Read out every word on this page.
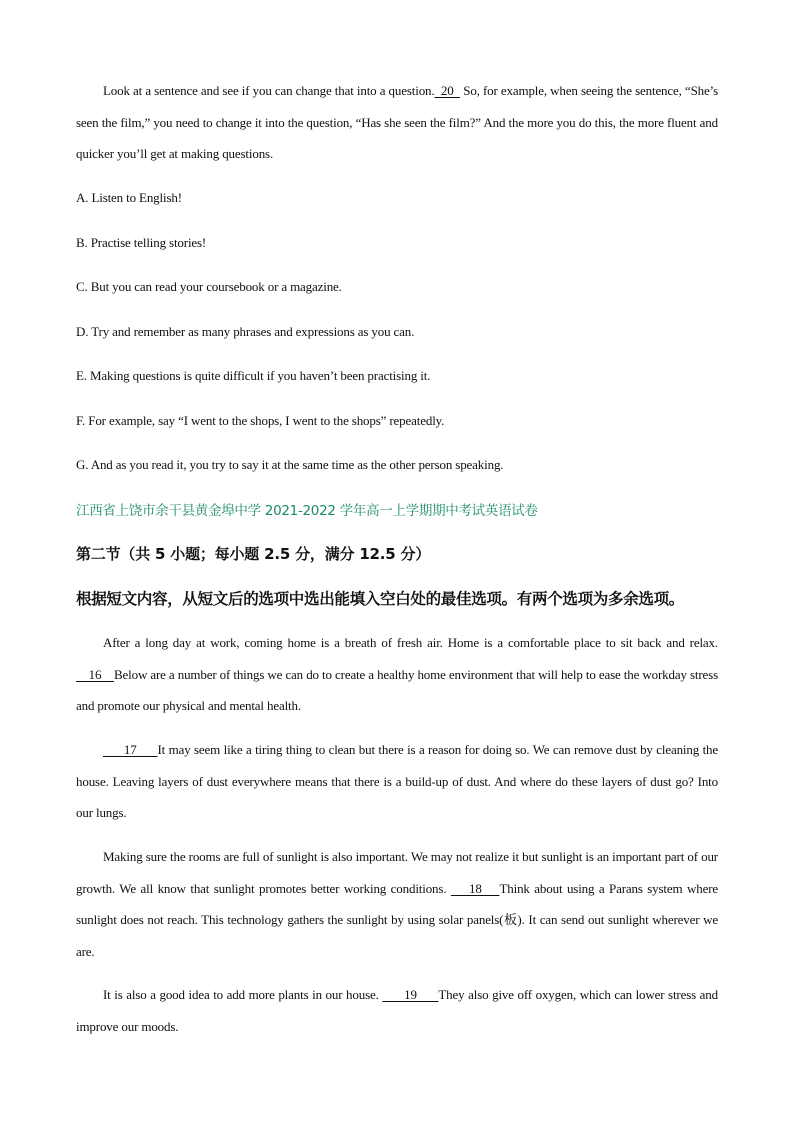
Look at a sentence and see if you can change that into a question.  20   So, for example, when seeing the sentence, “She’s seen the film,” you need to change it into the question, “Has she seen the film?” And the more you do this, the more fluent and quicker you’ll get at making questions.
A. Listen to English!
B. Practise telling stories!
C. But you can read your coursebook or a magazine.
D. Try and remember as many phrases and expressions as you can.
E. Making questions is quite difficult if you haven’t been practising it.
F. For example, say “I went to the shops, I went to the shops” repeatedly.
G. And as you read it, you try to say it at the same time as the other person speaking.
江西省上饶市余干县黄金埠中学 2021-2022 学年高一上学期期中考试英语试卷
第二节（共 5 小题；每小题 2.5 分，满分 12.5 分）
根据短文内容，从短文后的选项中选出能填入空白处的最佳选项。有两个选项为多余选项。
After a long day at work, coming home is a breath of fresh air. Home is a comfortable place to sit back and relax.     16    Below are a number of things we can do to create a healthy home environment that will help to ease the workday stress and promote our physical and mental health.
17      It may seem like a tiring thing to clean but there is a reason for doing so. We can remove dust by cleaning the house. Leaving layers of dust everywhere means that there is a build-up of dust. And where do these layers of dust go? Into our lungs.
Making sure the rooms are full of sunlight is also important. We may not realize it but sunlight is an important part of our growth. We all know that sunlight promotes better working conditions.     18    Think about using a Parans system where sunlight does not reach. This technology gathers the sunlight by using solar panels(板). It can send out sunlight wherever we are.
It is also a good idea to add more plants in our house.       19      They also give off oxygen, which can lower stress and improve our moods.
